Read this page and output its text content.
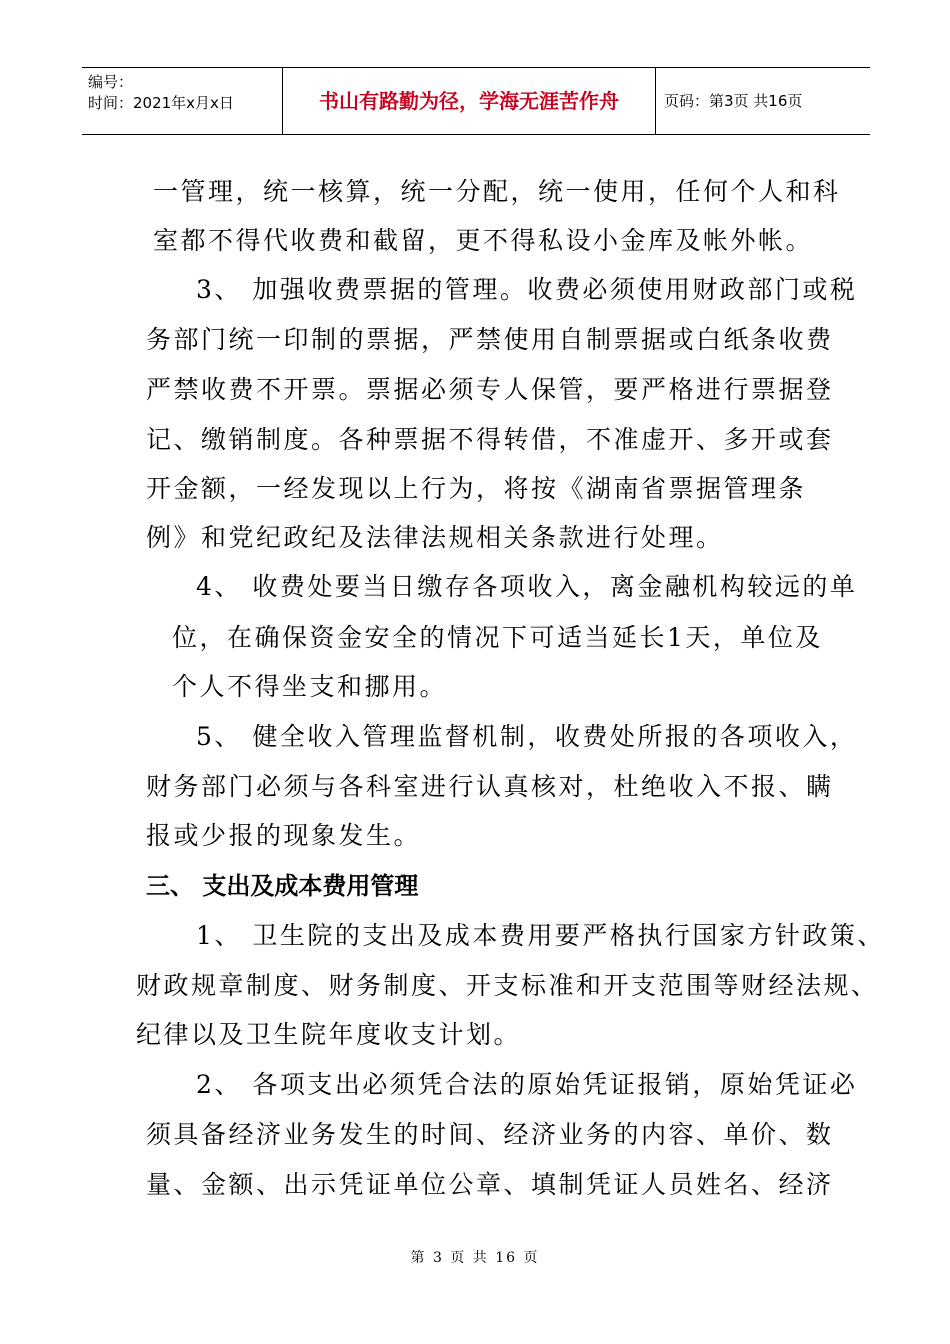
编号：
时间：2021年x月x日	书山有路勤为径，学海无涯苦作舟	页码：第3页 共16页
一管理，统一核算，统一分配，统一使用，任何个人和科
室都不得代收费和截留，更不得私设小金库及帐外帐。
3、 加强收费票据的管理。收费必须使用财政部门或税
务部门统一印制的票据，严禁使用自制票据或白纸条收费
严禁收费不开票。票据必须专人保管，要严格进行票据登
记、缴销制度。各种票据不得转借，不准虚开、多开或套
开金额，一经发现以上行为，将按《湖南省票据管理条
例》和党纪政纪及法律法规相关条款进行处理。
4、 收费处要当日缴存各项收入，离金融机构较远的单
位，在确保资金安全的情况下可适当延长1天，单位及
个人不得坐支和挪用。
5、 健全收入管理监督机制，收费处所报的各项收入，
财务部门必须与各科室进行认真核对，杜绝收入不报、瞒
报或少报的现象发生。
三、 支出及成本费用管理
1、 卫生院的支出及成本费用要严格执行国家方针政策、
财政规章制度、财务制度、开支标准和开支范围等财经法规、
纪律以及卫生院年度收支计划。
2、 各项支出必须凭合法的原始凭证报销，原始凭证必
须具备经济业务发生的时间、经济业务的内容、单价、数
量、金额、出示凭证单位公章、填制凭证人员姓名、经济
第 3 页 共 16 页
